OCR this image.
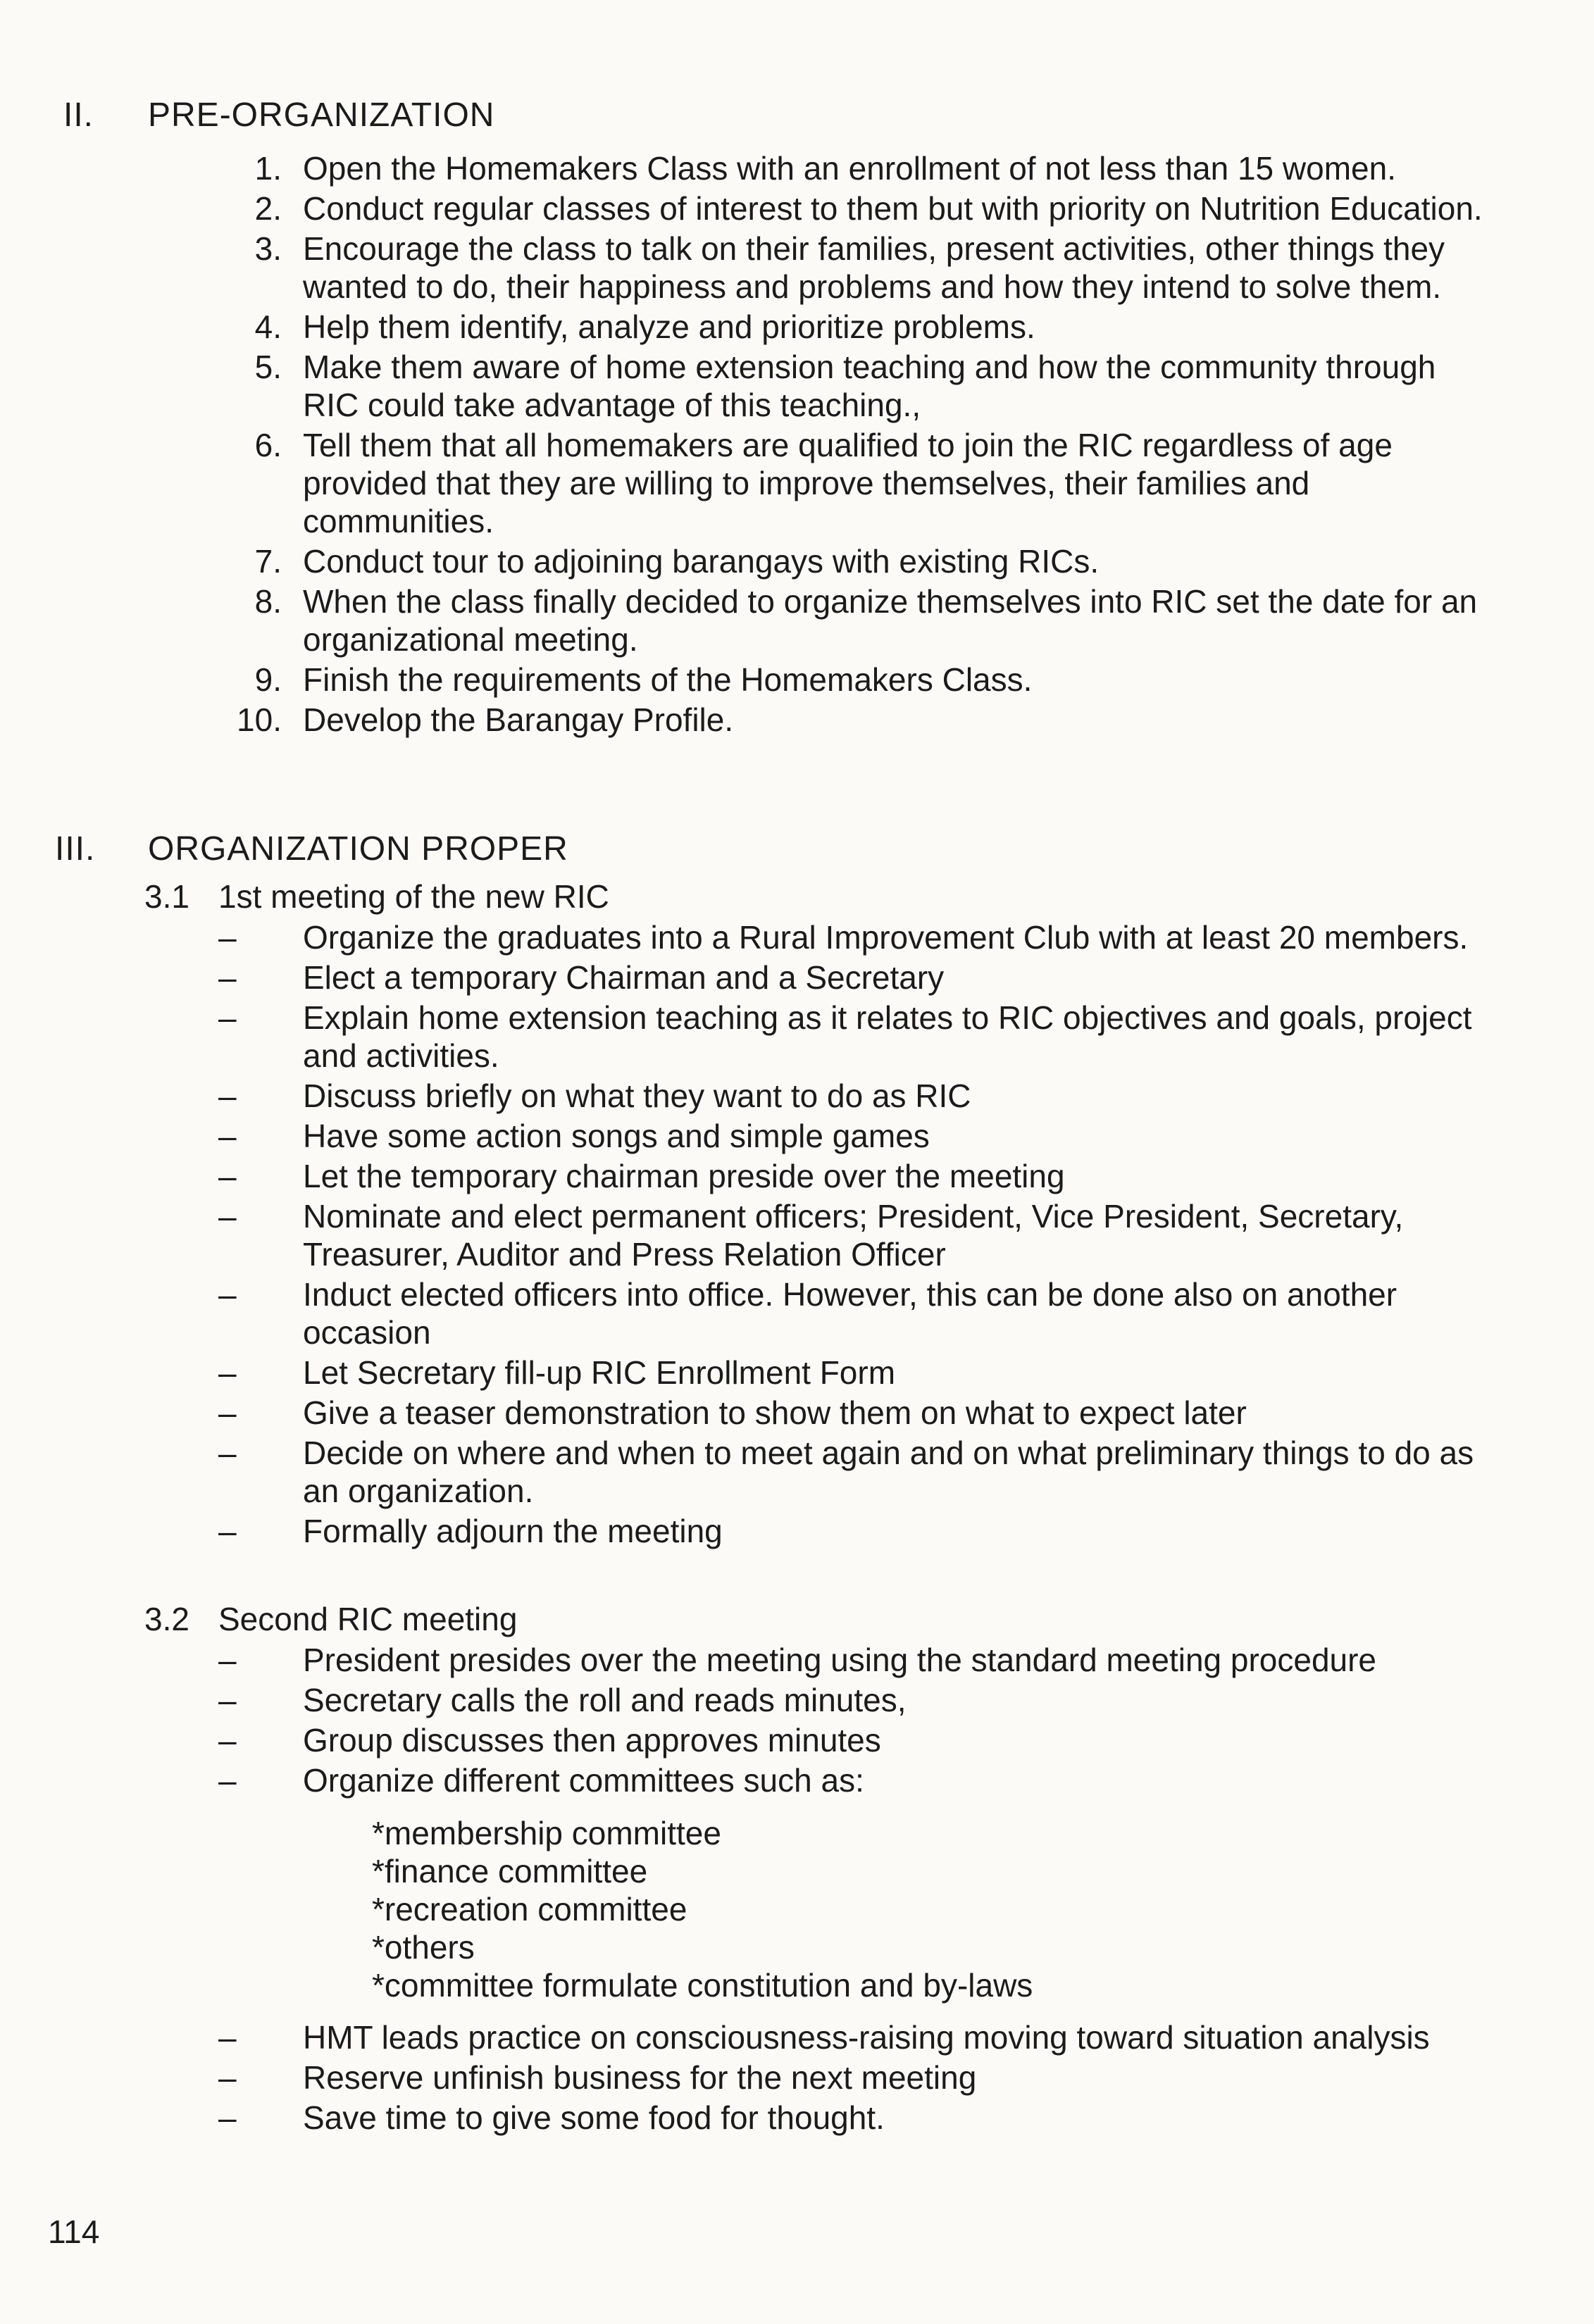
II. PRE-ORGANIZATION
1. Open the Homemakers Class with an enrollment of not less than 15 women.
2. Conduct regular classes of interest to them but with priority on Nutrition Education.
3. Encourage the class to talk on their families, present activities, other things they wanted to do, their happiness and problems and how they intend to solve them.
4. Help them identify, analyze and prioritize problems.
5. Make them aware of home extension teaching and how the community through RIC could take advantage of this teaching.,
6. Tell them that all homemakers are qualified to join the RIC regardless of age provided that they are willing to improve themselves, their families and communities.
7. Conduct tour to adjoining barangays with existing RICs.
8. When the class finally decided to organize themselves into RIC set the date for an organizational meeting.
9. Finish the requirements of the Homemakers Class.
10. Develop the Barangay Profile.
III. ORGANIZATION PROPER
3.1 1st meeting of the new RIC
–	Organize the graduates into a Rural Improvement Club with at least 20 members.
–	Elect a temporary Chairman and a Secretary
–	Explain home extension teaching as it relates to RIC objectives and goals, project and activities.
–	Discuss briefly on what they want to do as RIC
–	Have some action songs and simple games
–	Let the temporary chairman preside over the meeting
–	Nominate and elect permanent officers; President, Vice President, Secretary, Treasurer, Auditor and Press Relation Officer
–	Induct elected officers into office. However, this can be done also on another occasion
–	Let Secretary fill-up RIC Enrollment Form
–	Give a teaser demonstration to show them on what to expect later
–	Decide on where and when to meet again and on what preliminary things to do as an organization.
–	Formally adjourn the meeting
3.2 Second RIC meeting
–	President presides over the meeting using the standard meeting procedure
–	Secretary calls the roll and reads minutes,
–	Group discusses then approves minutes
–	Organize different committees such as:
*membership committee
*finance committee
*recreation committee
*others
*committee formulate constitution and by-laws
–	HMT leads practice on consciousness-raising moving toward situation analysis
–	Reserve unfinish business for the next meeting
–	Save time to give some food for thought.
114
